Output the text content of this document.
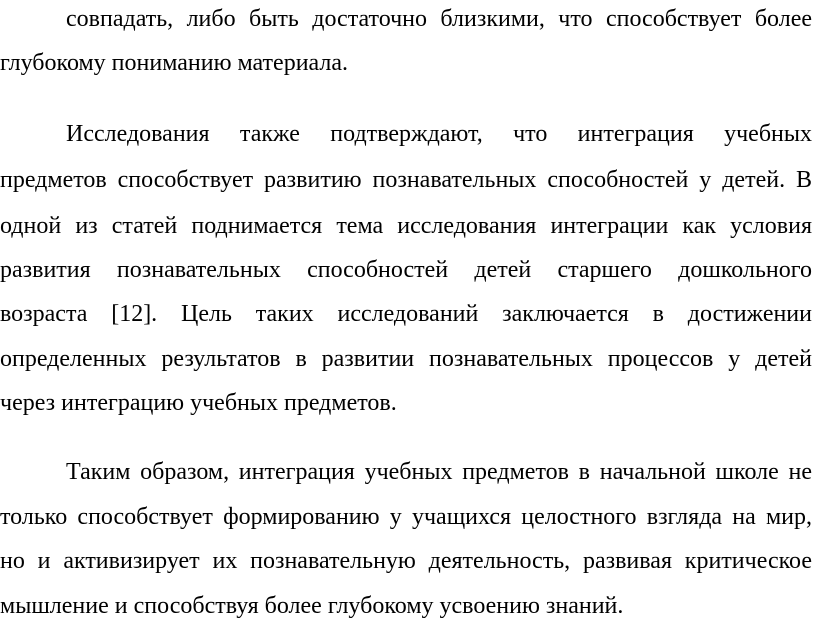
совпадать, либо быть достаточно близкими, что способствует более
глубокому пониманию материала.
Исследования также подтверждают, что интеграция учебных
предметов способствует развитию познавательных способностей у детей. В
одной из статей поднимается тема исследования интеграции как условия
развития познавательных способностей детей старшего дошкольного
возраста [12]. Цель таких исследований заключается в достижении
определенных результатов в развитии познавательных процессов у детей
через интеграцию учебных предметов.
Таким образом, интеграция учебных предметов в начальной школе не
только способствует формированию у учащихся целостного взгляда на мир,
но и активизирует их познавательную деятельность, развивая критическое
мышление и способствуя более глубокому усвоению знаний.
